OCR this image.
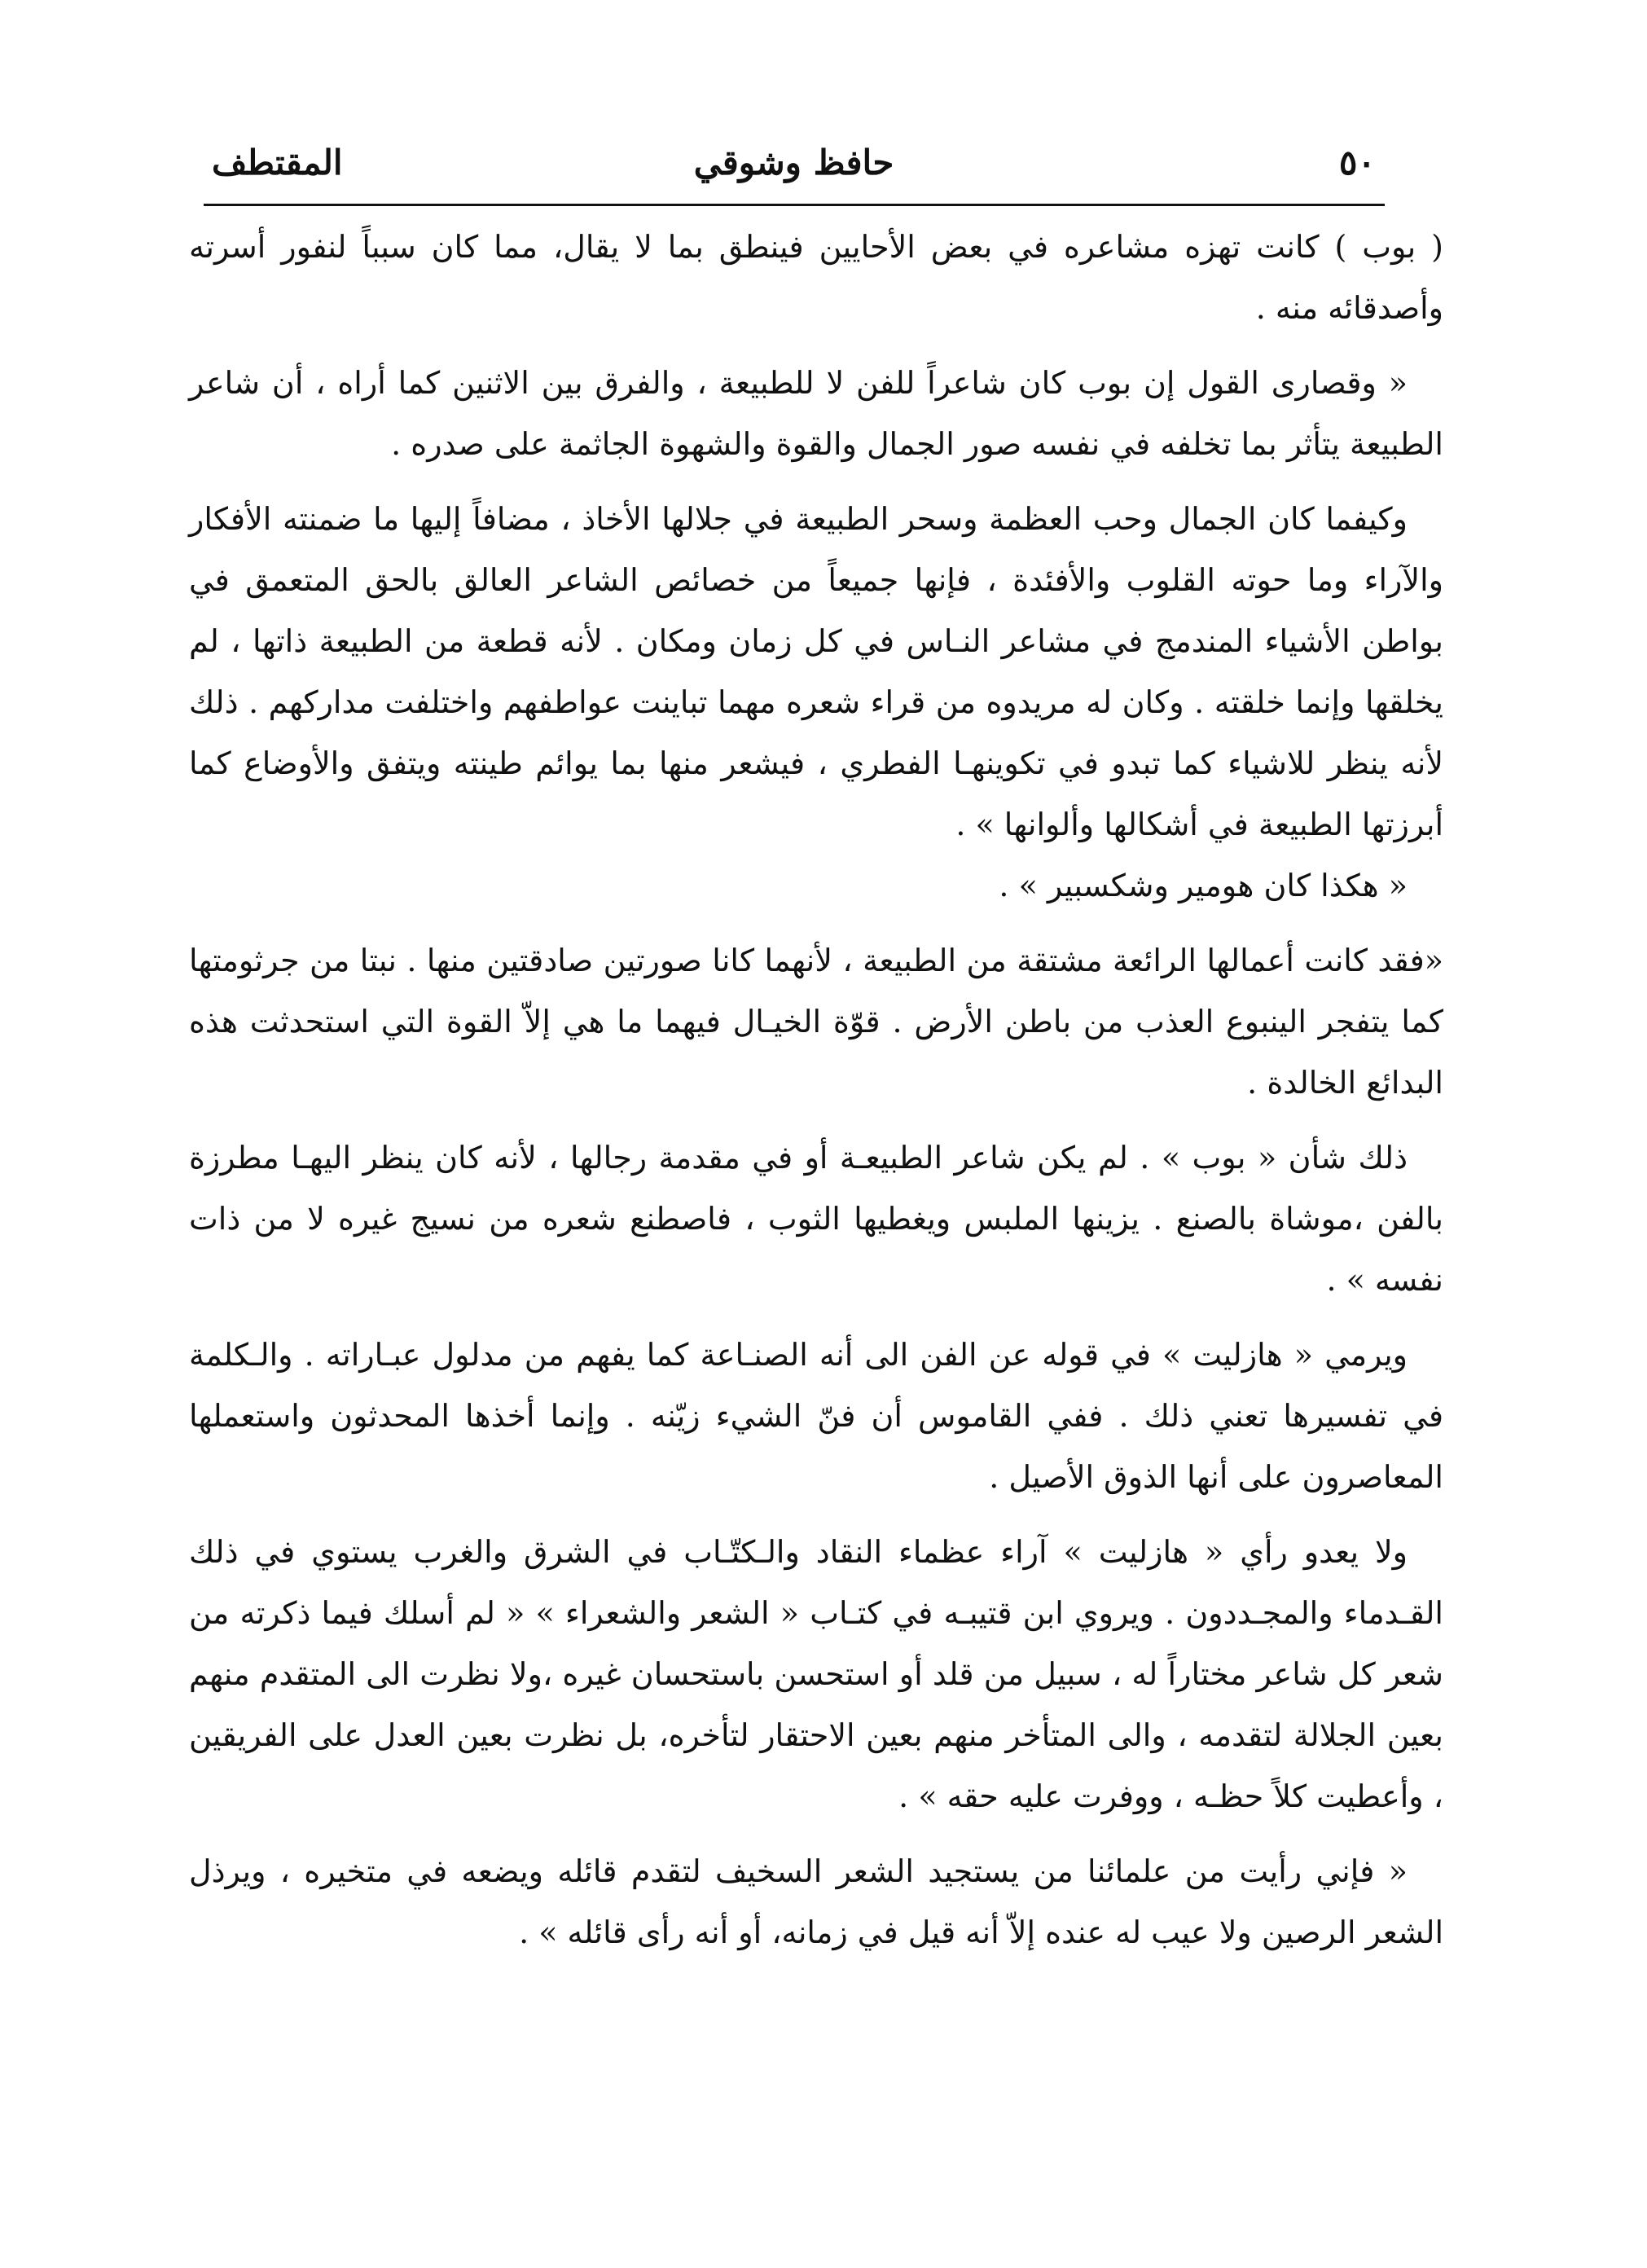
٥٠
حافظ وشوقي
المقتطف

( بوب ) كانت تهزه مشاعره في بعض الأحايين فينطق بما لا يقال، مما كان سبباً لنفور أسرته وأصدقائه منه .

« وقصارى القول إن بوب كان شاعراً للفن لا للطبيعة ، والفرق بين الاثنين كما أراه ، أن شاعر الطبيعة يتأثر بما تخلفه في نفسه صور الجمال والقوة والشهوة الجاثمة على صدره .

وكيفما كان الجمال وحب العظمة وسحر الطبيعة في جلالها الأخاذ ، مضافاً إليها ما ضمنته الأفكار والآراء وما حوته القلوب والأفئدة ، فإنها جميعاً من خصائص الشاعر العالق بالحق المتعمق في بواطن الأشياء المندمج في مشاعر النـاس في كل زمان ومكان . لأنه قطعة من الطبيعة ذاتها ، لم يخلقها وإنما خلقته . وكان له مريدوه من قراء شعره مهما تباينت عواطفهم واختلفت مداركهم . ذلك لأنه ينظر للاشياء كما تبدو في تكوينهـا الفطري ، فيشعر منها بما يوائم طينته ويتفق والأوضاع كما أبرزتها الطبيعة في أشكالها وألوانها » .

« هكذا كان هومير وشكسبير » .

«فقد كانت أعمالها الرائعة مشتقة من الطبيعة ، لأنهما كانا صورتين صادقتين منها . نبتا من جرثومتها كما يتفجر الينبوع العذب من باطن الأرض . قوّة الخيـال فيهما ما هي إلاّ القوة التي استحدثت هذه البدائع الخالدة .

ذلك شأن « بوب » . لم يكن شاعر الطبيعـة أو في مقدمة رجالها ، لأنه كان ينظر اليهـا مطرزة بالفن ،موشاة بالصنع . يزينها الملبس ويغطيها الثوب ، فاصطنع شعره من نسيج غيره لا من ذات نفسه » .

ويرمي « هازليت » في قوله عن الفن الى أنه الصنـاعة كما يفهم من مدلول عبـاراته . والـكلمة في تفسيرها تعني ذلك . ففي القاموس أن فنّ الشيء زيّنه . وإنما أخذها المحدثون واستعملها المعاصرون على أنها الذوق الأصيل .

ولا يعدو رأي « هازليت » آراء عظماء النقاد والـكتّـاب في الشرق والغرب يستوي في ذلك القـدماء والمجـددون . ويروي ابن قتيبـه في كتـاب « الشعر والشعراء » « لم أسلك فيما ذكرته من شعر كل شاعر مختاراً له ، سبيل من قلد أو استحسن باستحسان غيره ،ولا نظرت الى المتقدم منهم بعين الجلالة لتقدمه ، والى المتأخر منهم بعين الاحتقار لتأخره، بل نظرت بعين العدل على الفريقين ، وأعطيت كلاً حظـه ، ووفرت عليه حقه » .

« فإني رأيت من علمائنا من يستجيد الشعر السخيف لتقدم قائله ويضعه في متخيره ، ويرذل الشعر الرصين ولا عيب له عنده إلاّ أنه قيل في زمانه، أو أنه رأى قائله » .
